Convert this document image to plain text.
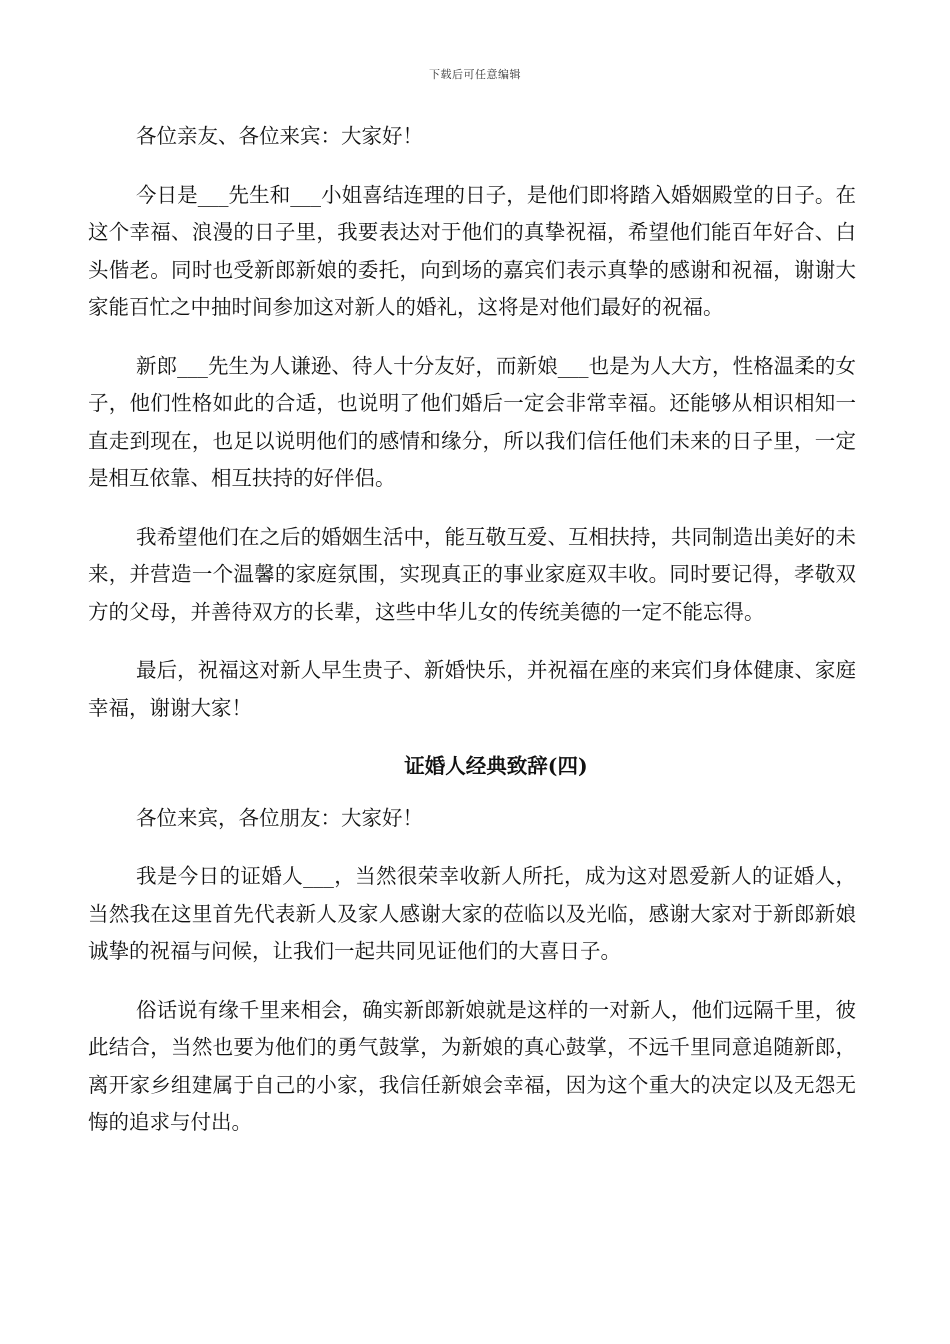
下载后可任意编辑

各位亲友、各位来宾：大家好！

今日是___先生和___小姐喜结连理的日子，是他们即将踏入婚姻殿堂的日子。在这个幸福、浪漫的日子里，我要表达对于他们的真挚祝福，希望他们能百年好合、白头偕老。同时也受新郎新娘的委托，向到场的嘉宾们表示真挚的感谢和祝福，谢谢大家能百忙之中抽时间参加这对新人的婚礼，这将是对他们最好的祝福。

新郎___先生为人谦逊、待人十分友好，而新娘___也是为人大方，性格温柔的女子，他们性格如此的合适，也说明了他们婚后一定会非常幸福。还能够从相识相知一直走到现在，也足以说明他们的感情和缘分，所以我们信任他们未来的日子里，一定是相互依靠、相互扶持的好伴侣。

我希望他们在之后的婚姻生活中，能互敬互爱、互相扶持，共同制造出美好的未来，并营造一个温馨的家庭氛围，实现真正的事业家庭双丰收。同时要记得，孝敬双方的父母，并善待双方的长辈，这些中华儿女的传统美德的一定不能忘得。

最后，祝福这对新人早生贵子、新婚快乐，并祝福在座的来宾们身体健康、家庭幸福，谢谢大家！

证婚人经典致辞(四)

各位来宾，各位朋友：大家好！

我是今日的证婚人___，当然很荣幸收新人所托，成为这对恩爱新人的证婚人，当然我在这里首先代表新人及家人感谢大家的莅临以及光临，感谢大家对于新郎新娘诚挚的祝福与问候，让我们一起共同见证他们的大喜日子。

俗话说有缘千里来相会，确实新郎新娘就是这样的一对新人，他们远隔千里，彼此结合，当然也要为他们的勇气鼓掌，为新娘的真心鼓掌，不远千里同意追随新郎，离开家乡组建属于自己的小家，我信任新娘会幸福，因为这个重大的决定以及无怨无悔的追求与付出。
